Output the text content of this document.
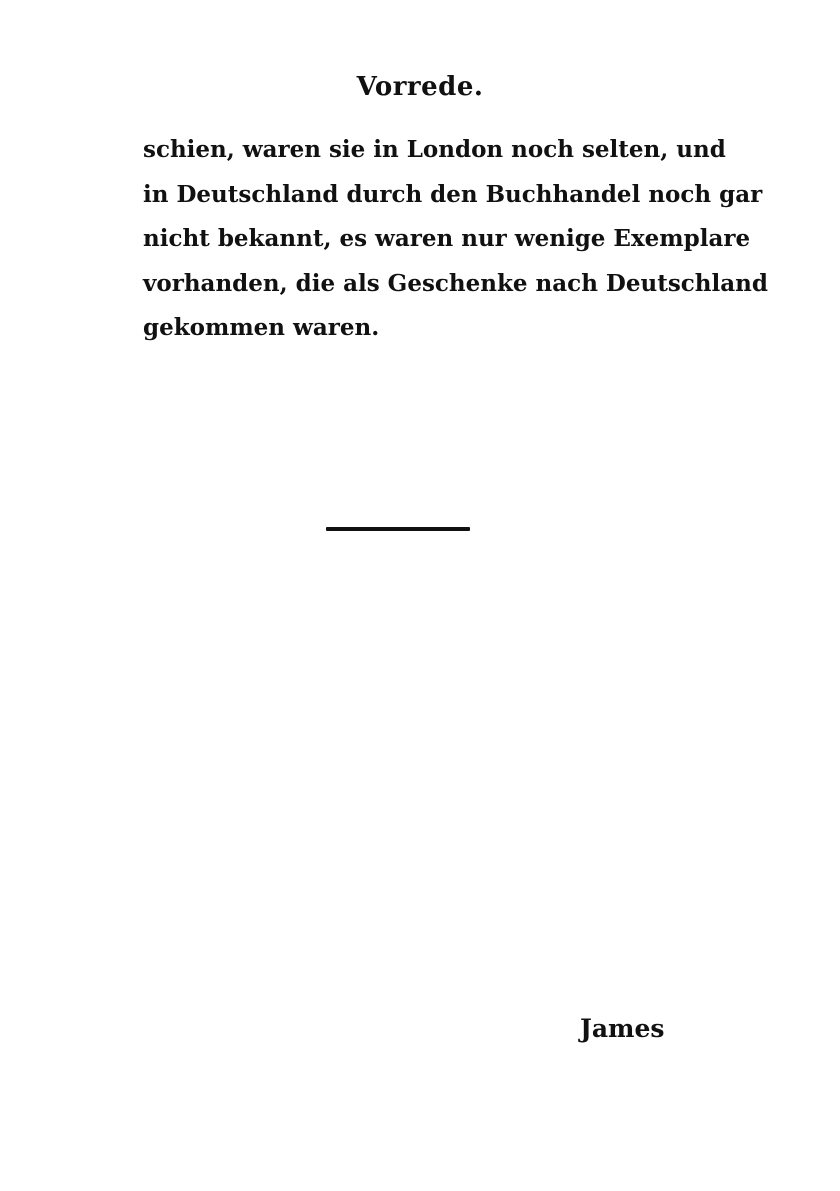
Vorrede.
schien, waren sie in London noch selten, und
in Deutschland durch den Buchhandel noch gar
nicht bekannt, es waren nur wenige Exemplare
vorhanden, die als Geschenke nach Deutschland
gekommen waren.
James
